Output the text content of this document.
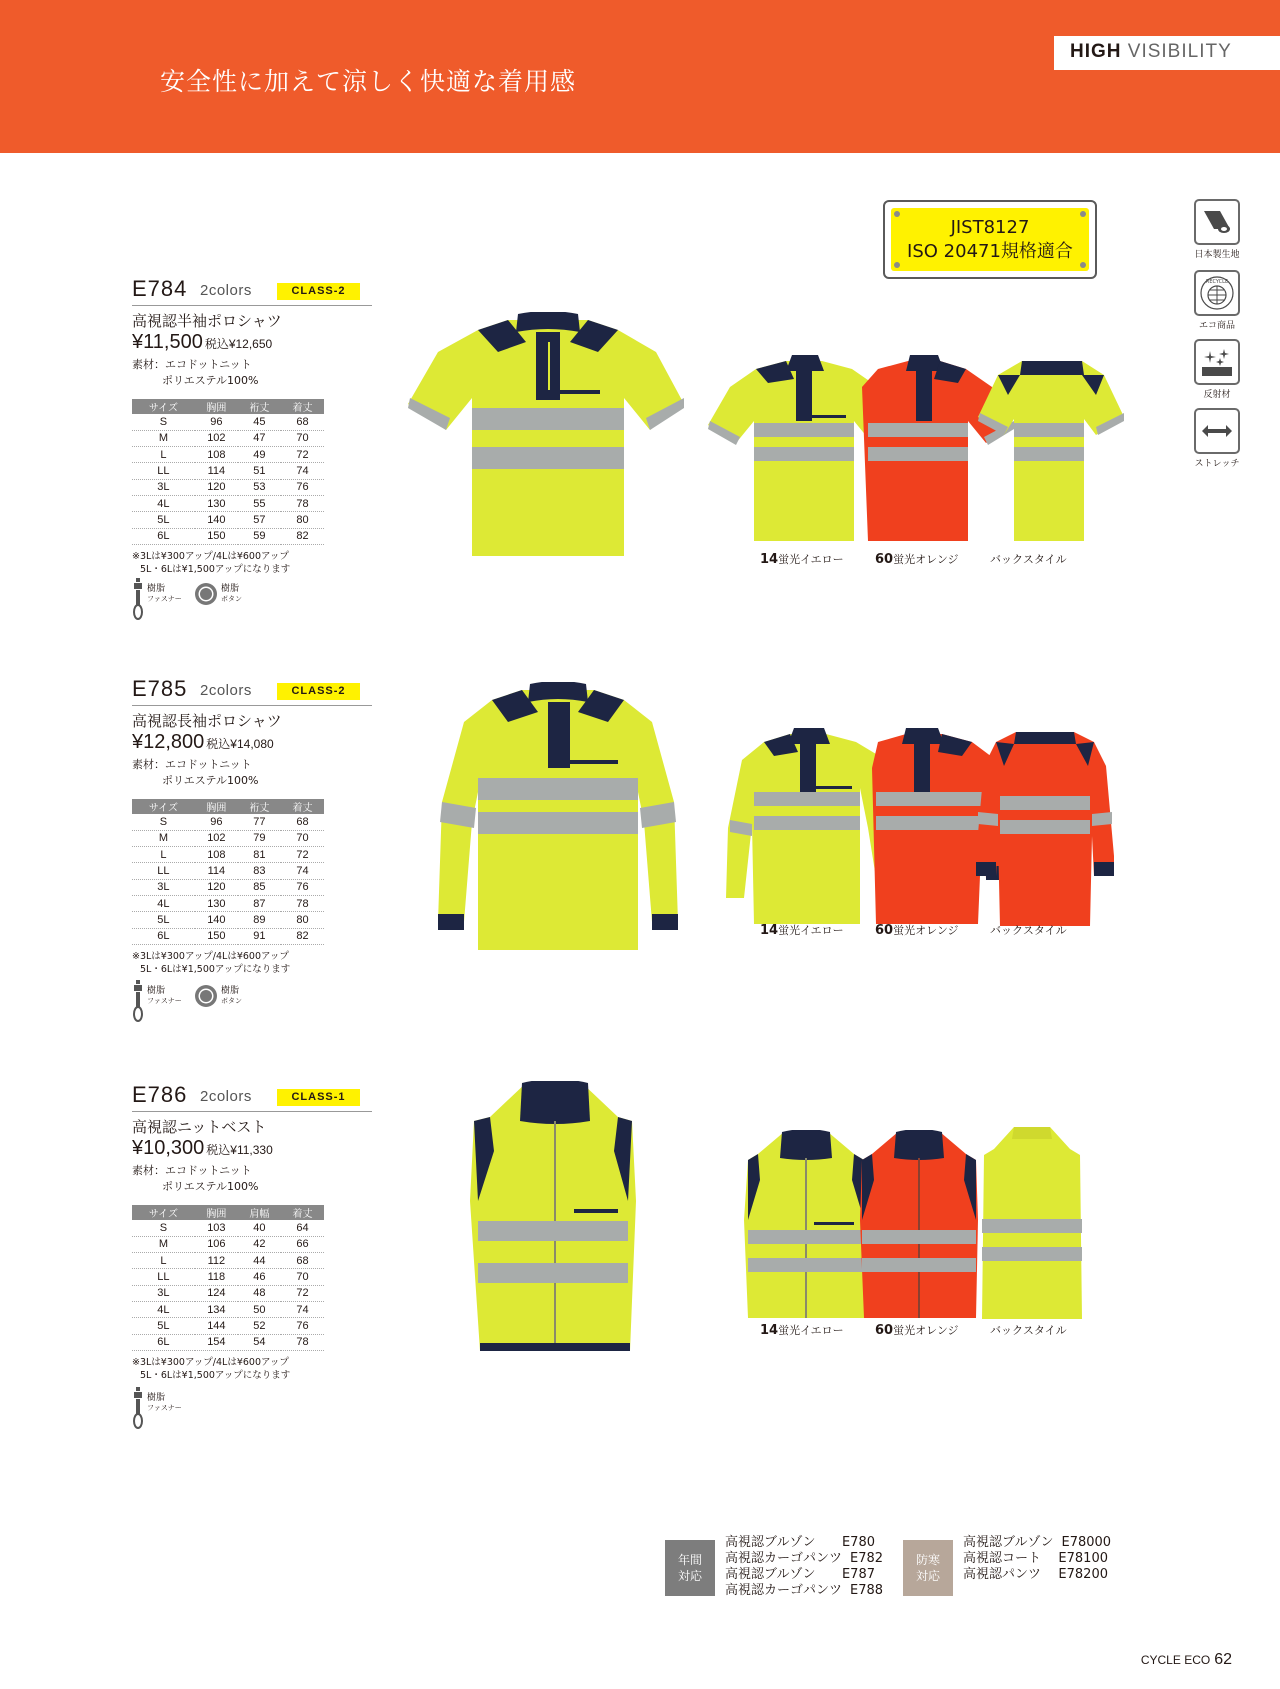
安全性に加えて涼しく快適な着用感
HIGH VISIBILITY
JIST8127
ISO 20471規格適合	日本製生地
RECYCLE
エコ商品
反射材
ストレッチ
E784 2colors	CLASS-2
高視認半袖ポロシャツ
¥11,500 税込¥12,650
素材：エコドットニット
ポリエステル100%
サイズ	胸囲	裄丈	着丈
S	96	45	68
M	102	47	70
L	108	49	72
LL	114	51	74
3L	120	53	76
4L	130	55	78
5L	140	57	80
6L	150	59	82
※3Lは¥300アップ/4Lは¥600アップ
5L・6Lは¥1,500アップになります
樹脂
ファスナー
樹脂
ボタン
E785 2colors	CLASS-2
高視認長袖ポロシャツ
¥12,800 税込¥14,080
素材：エコドットニット
ポリエステル100%
サイズ	胸囲	裄丈	着丈
S	96	77	68
M	102	79	70
L	108	81	72
LL	114	83	74
3L	120	85	76
4L	130	87	78
5L	140	89	80
6L	150	91	82
※3Lは¥300アップ/4Lは¥600アップ
5L・6Lは¥1,500アップになります
樹脂
ファスナー
樹脂
ボタン
E786 2colors	CLASS-1
高視認ニットベスト
¥10,300 税込¥11,330
素材：エコドットニット
ポリエステル100%
サイズ	胸囲	肩幅	着丈
S	103	40	64
M	106	42	66
L	112	44	68
LL	118	46	70
3L	124	48	72
4L	134	50	74
5L	144	52	76
6L	154	54	78
※3Lは¥300アップ/4Lは¥600アップ
5L・6Lは¥1,500アップになります
樹脂
ファスナー
14蛍光イエロー 60蛍光オレンジ	バックスタイル
14蛍光イエロー 60蛍光オレンジ	バックスタイル
14蛍光イエロー 60蛍光オレンジ	バックスタイル
年間
対応
高視認ブルゾン	E780
高視認カーゴパンツ E782
高視認ブルゾン	E787
高視認カーゴパンツ E788
防寒
対応
高視認ブルゾン E78000
高視認コート	E78100
高視認パンツ	E78200
CYCLE ECO 62
